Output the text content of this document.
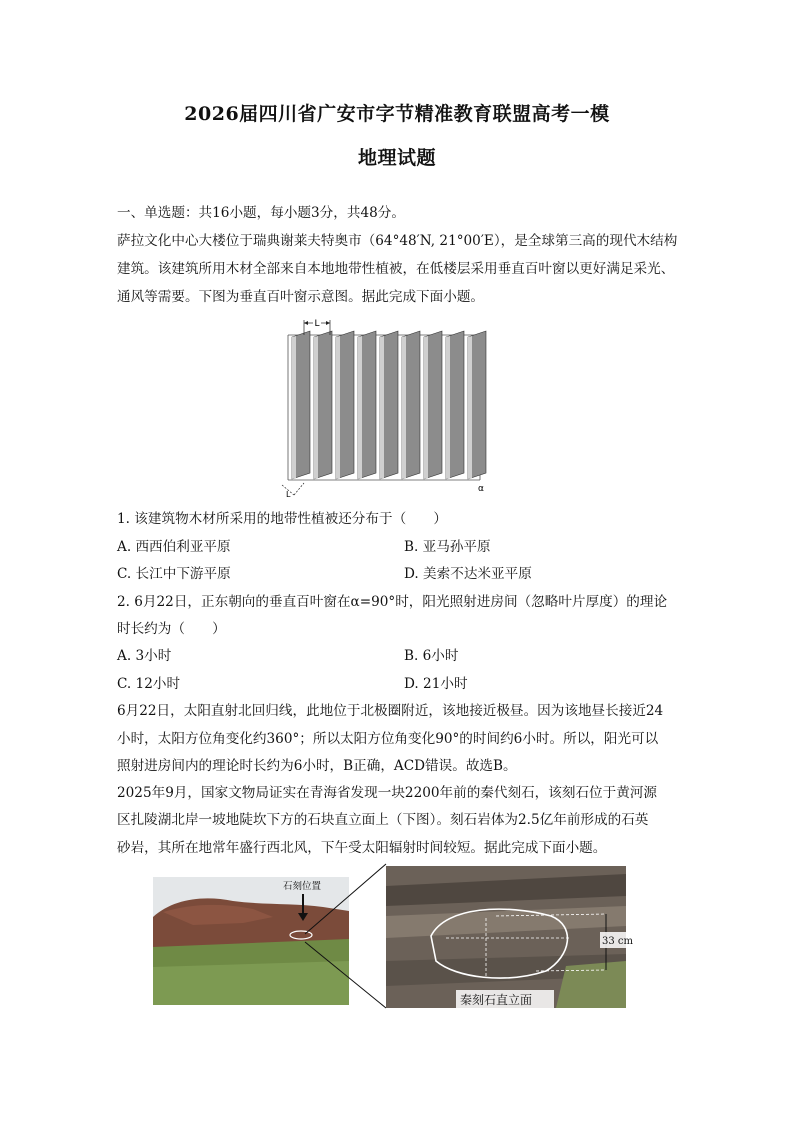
2026届四川省广安市字节精准教育联盟高考一模
地理试题
一、单选题：共16小题，每小题3分，共48分。
萨拉文化中心大楼位于瑞典谢莱夫特奥市（64°48′N, 21°00′E），是全球第三高的现代木结构
建筑。该建筑所用木材全部来自本地地带性植被，在低楼层采用垂直百叶窗以更好满足采光、
通风等需要。下图为垂直百叶窗示意图。据此完成下面小题。
L
L
α
1. 该建筑物木材所采用的地带性植被还分布于（　　）
A. 西西伯利亚平原	B. 亚马孙平原
C. 长江中下游平原	D. 美索不达米亚平原
2. 6月22日，正东朝向的垂直百叶窗在α=90°时，阳光照射进房间（忽略叶片厚度）的理论
时长约为（　　）
A. 3小时	B. 6小时
C. 12小时	D. 21小时
6月22日，太阳直射北回归线，此地位于北极圈附近，该地接近极昼。因为该地昼长接近24
小时，太阳方位角变化约360°；所以太阳方位角变化90°的时间约6小时。所以，阳光可以
照射进房间内的理论时长约为6小时，B正确，ACD错误。故选B。
2025年9月，国家文物局证实在青海省发现一块2200年前的秦代刻石，该刻石位于黄河源
区扎陵湖北岸一坡地陡坎下方的石块直立面上（下图）。刻石岩体为2.5亿年前形成的石英
砂岩，其所在地常年盛行西北风，下午受太阳辐射时间较短。据此完成下面小题。
石刻位置
33 cm
秦刻石直立面
